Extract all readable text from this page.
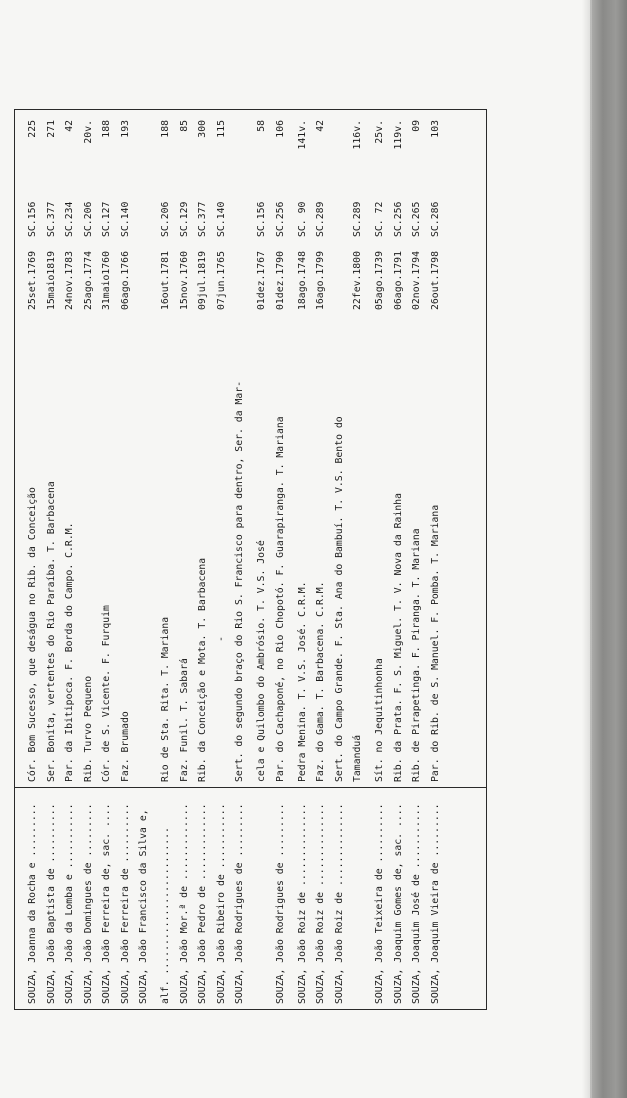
SOUZA, Joanna da Rocha e .........
Cór. Bom Sucesso, que deságua no Rib. da Conceição
25set.1769
SC.156
225
SOUZA, João Baptista de ..........
Ser. Bonita, vertentes do Rio Paraíba. T. Barbacena
15maio1819
SC.377
271
SOUZA, João da Lomba e ...........
Par. da Ibitipoca. F. Borda do Campo. C.R.M.
24nov.1783
SC.234
42
SOUZA, João Domingues de .........
Rib. Turvo Pequeno
25ago.1774
SC.206
20v.
SOUZA, João Ferreira de, sac. ....
Cór. de S. Vicente. F. Furquim
31maio1760
SC.127
188
SOUZA, João Ferreira de ..........
Faz. Brumado
06ago.1766
SC.140
193
SOUZA, João Francisco da Silva e,	alf. .........................
Rio de Sta. Rita. T. Mariana
16out.1781
SC.206
188
SOUZA, João Mor.ª de .............
Faz. Funil. T. Sabará
15nov.1760
SC.129
85
SOUZA, João Pedro de .............
Rib. da Conceição e Mota. T. Barbacena
09jul.1819
SC.377
300
SOUZA, João Ribeiro de ...........
-
07jun.1765
SC.140
115
SOUZA, João Rodrigues de .........
Sert. do segundo braço do Rio S. Francisco para dentro, Ser. da Mar-	cela e Quilombo do Ambrósio. T. V.S. José
01dez.1767
SC.156
58
SOUZA, João Rodrigues de .........
Par. do Cachaponé, no Rio Chopotó. F. Guarapiranga. T. Mariana
01dez.1790
SC.256
106
SOUZA, João Roiz de ..............
Pedra Menina. T. V.S. José. C.R.M.
18ago.1748
SC. 90
141v.
SOUZA, João Roiz de ..............
Faz. do Gama. T. Barbacena. C.R.M.
16ago.1799
SC.289
42
SOUZA, João Roiz de ..............
Sert. do Campo Grande. F. Sta. Ana do Bambuí. T. V.S. Bento do Tamanduá
22fev.1800
SC.289
116v.
SOUZA, João Teixeira de ..........
Sít. no Jequitinhonha
05ago.1739
SC. 72
25v.
SOUZA, Joaquim Gomes de, sac. ....
Rib. da Prata. F. S. Miguel. T. V. Nova da Rainha
06ago.1791
SC.256
119v.
SOUZA, Joaquim José de ...........
Rib. de Pirapetinga. F. Piranga. T. Mariana
02nov.1794
SC.265
09
SOUZA, Joaquim Vieira de .........
Par. do Rib. de S. Manuel. F. Pomba. T. Mariana
26out.1798
SC.286
103
